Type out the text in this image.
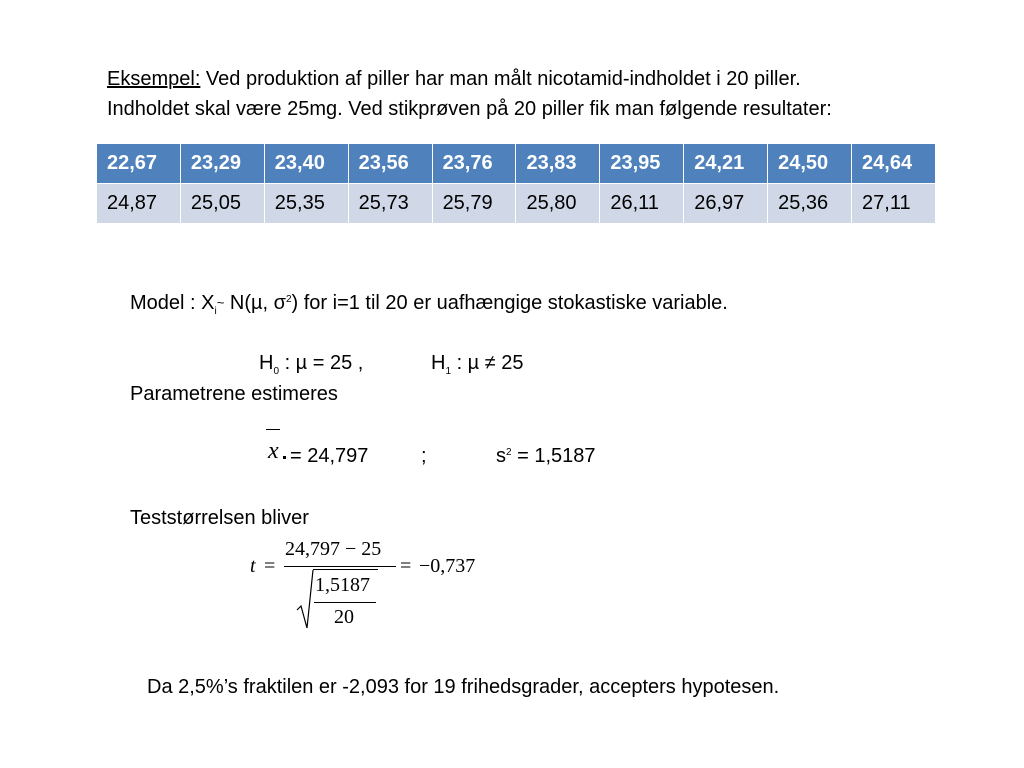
Eksempel: Ved produktion af piller har man målt nicotamid-indholdet i 20 piller.
Indholdet skal være 25mg. Ved stikprøven på 20 piller fik man følgende resultater:
22,67	23,29	23,40	23,56	23,76	23,83	23,95	24,21	24,50	24,64
24,87	25,05	25,35	25,73	25,79	25,80	26,11	26,97	25,36	27,11
Model : $X_i\sim$ N(µ, $\sigma^2$) for i=1 til 20 er uafhængige stokastiske variable.
$H_0$ : µ = 25 ,	$H_1$ : µ ≠ 25
Parametrene estimeres
x = 24,797	;	$s^2 = 1,5187$
Teststørrelsen bliver
t =
24,797 − 25
1,5187
20
= −0,737
Da 2,5%’s fraktilen er -2,093 for 19 frihedsgrader, accepters hypotesen.
